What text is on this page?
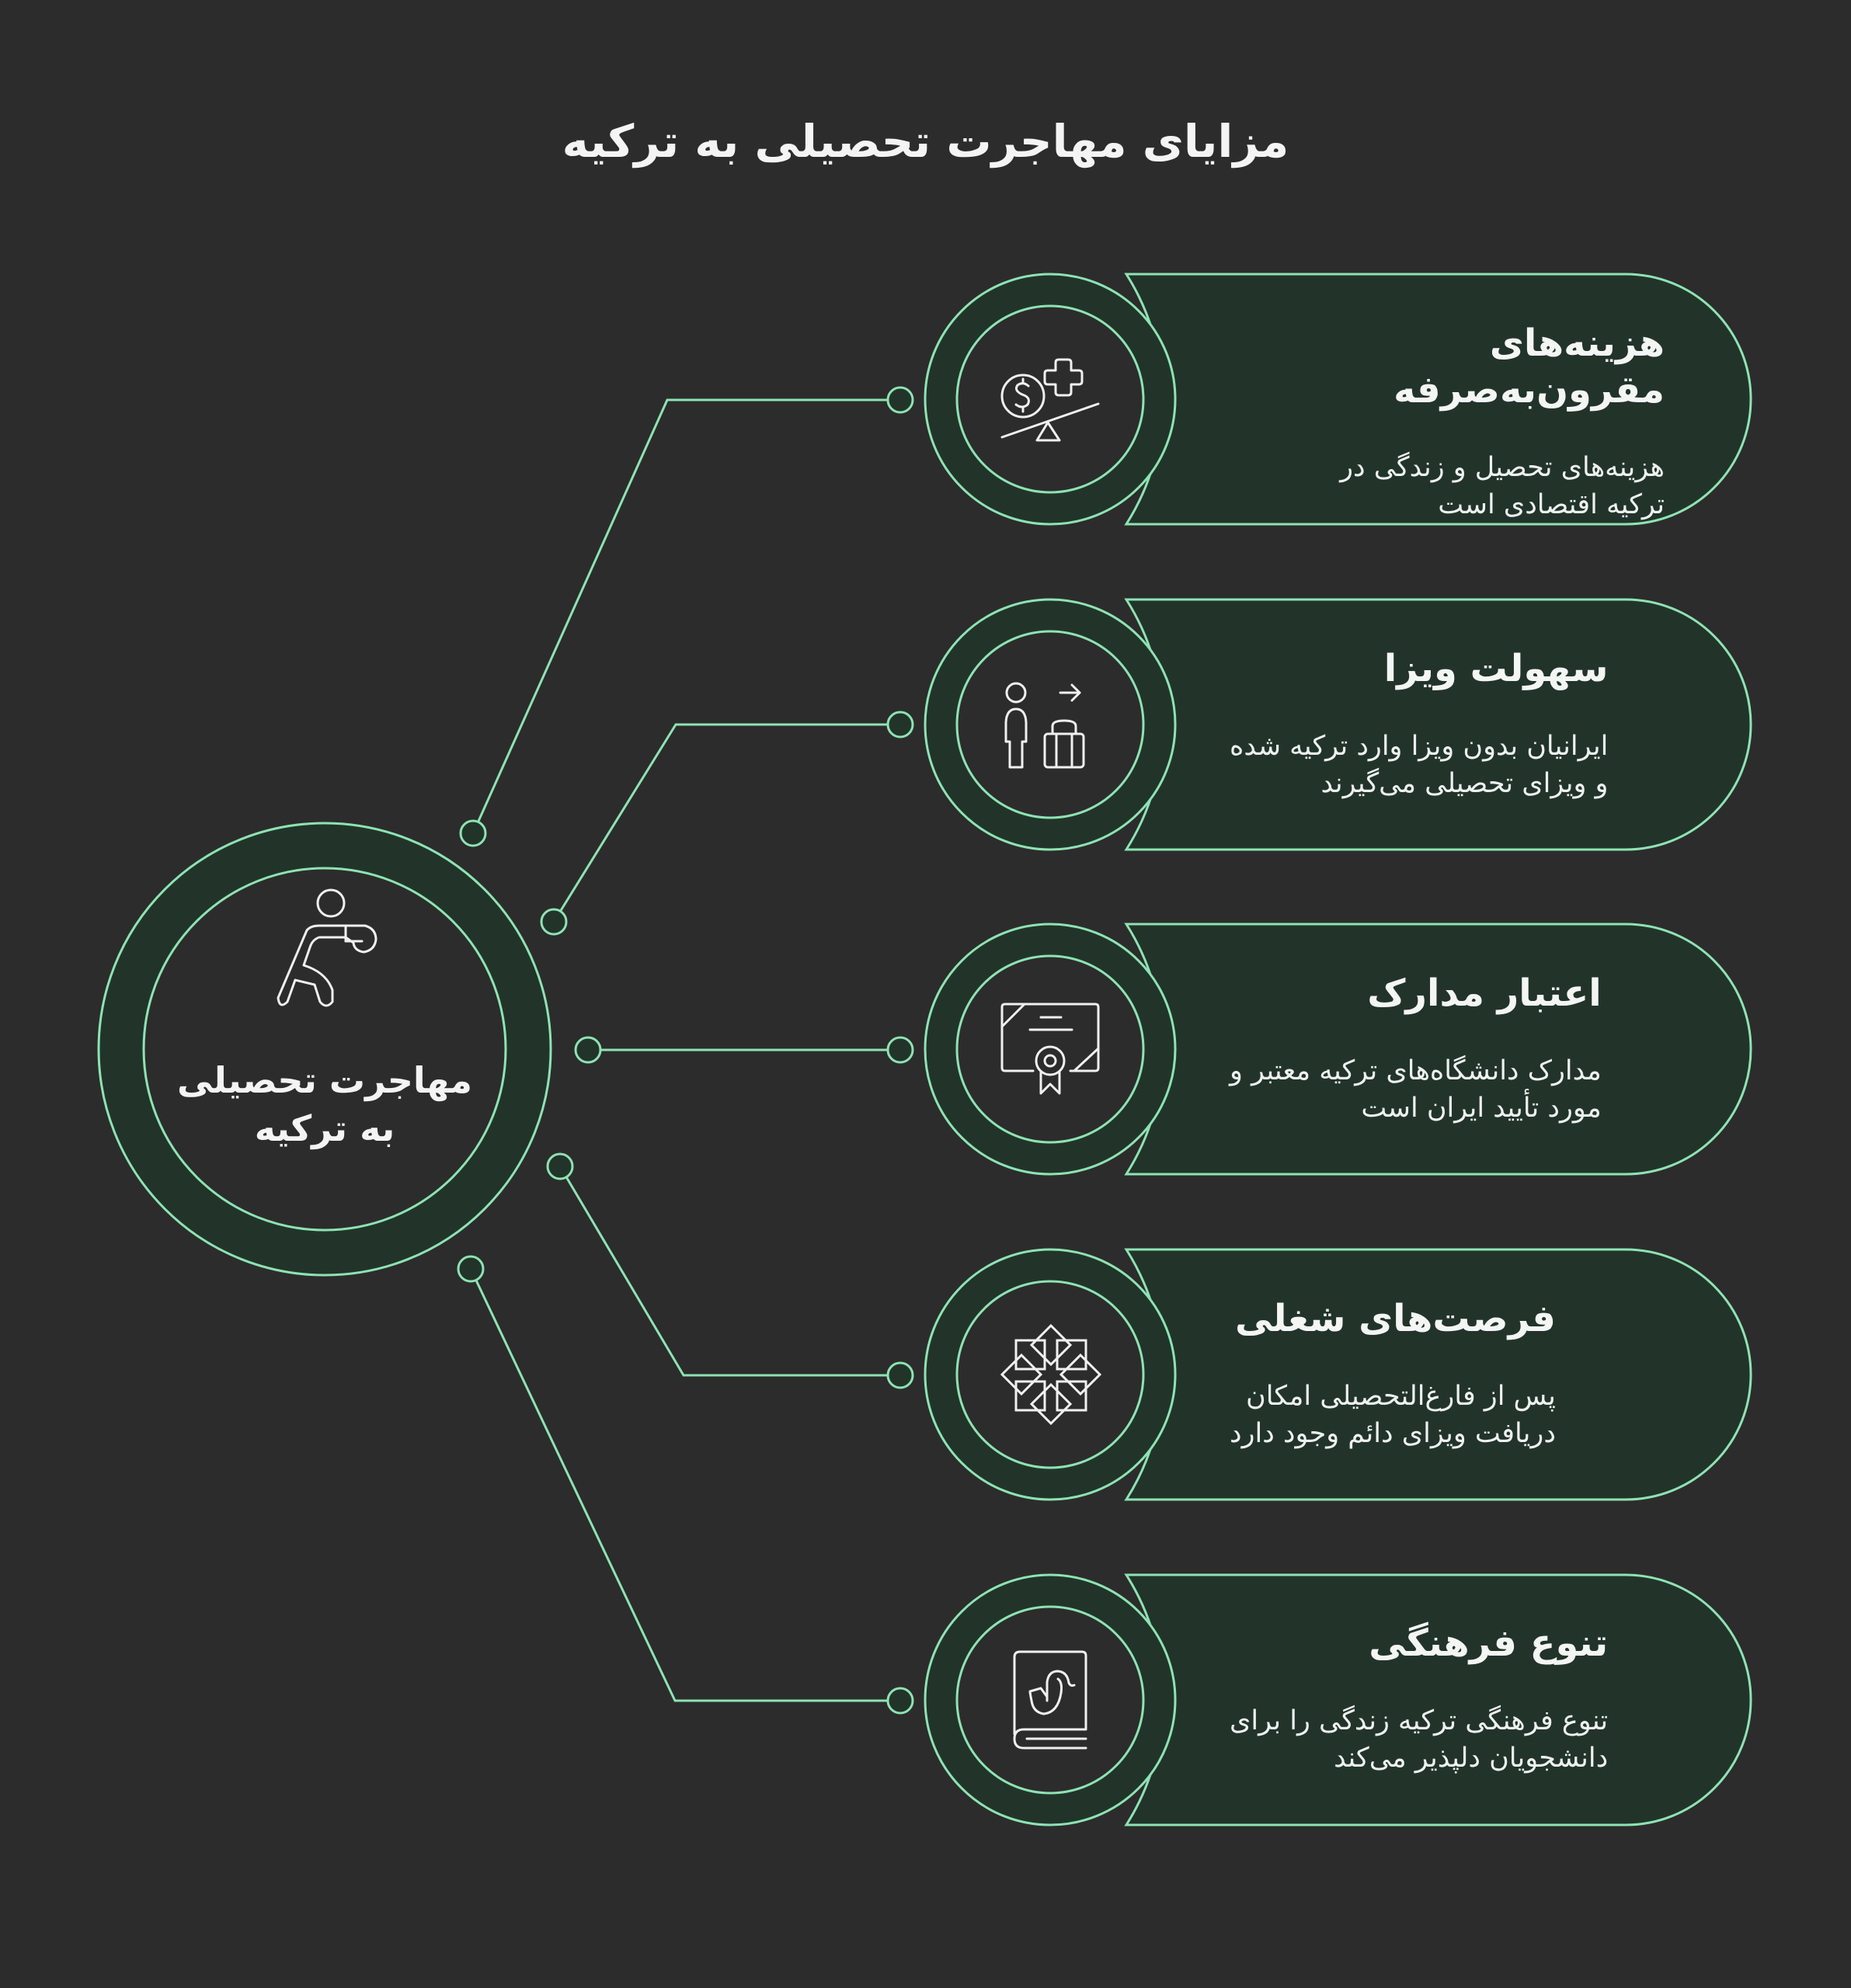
مزایای مهاجرت تحصیلی به ترکیه
مهاجرت تحصیلی
به ترکیه
هزینه‌های مقرون‌به‌صرفه
هزینه‌های تحصیل و زندگی در
ترکیه اقتصادی است
سهولت ویزا
ایرانیان بدون ویزا وارد ترکیه شده
و ویزای تحصیلی می‌گیرند
اعتبار مدارک
مدارک دانشگاه‌های ترکیه معتبر و
مورد تأیید ایران است
فرصت‌های شغلی
پس از فارغ‌التحصیلی امکان
دریافت ویزای دائم وجود دارد
تنوع فرهنگی
تنوع فرهنگی ترکیه زندگی را برای
دانشجویان دلپذیر می‌کند
